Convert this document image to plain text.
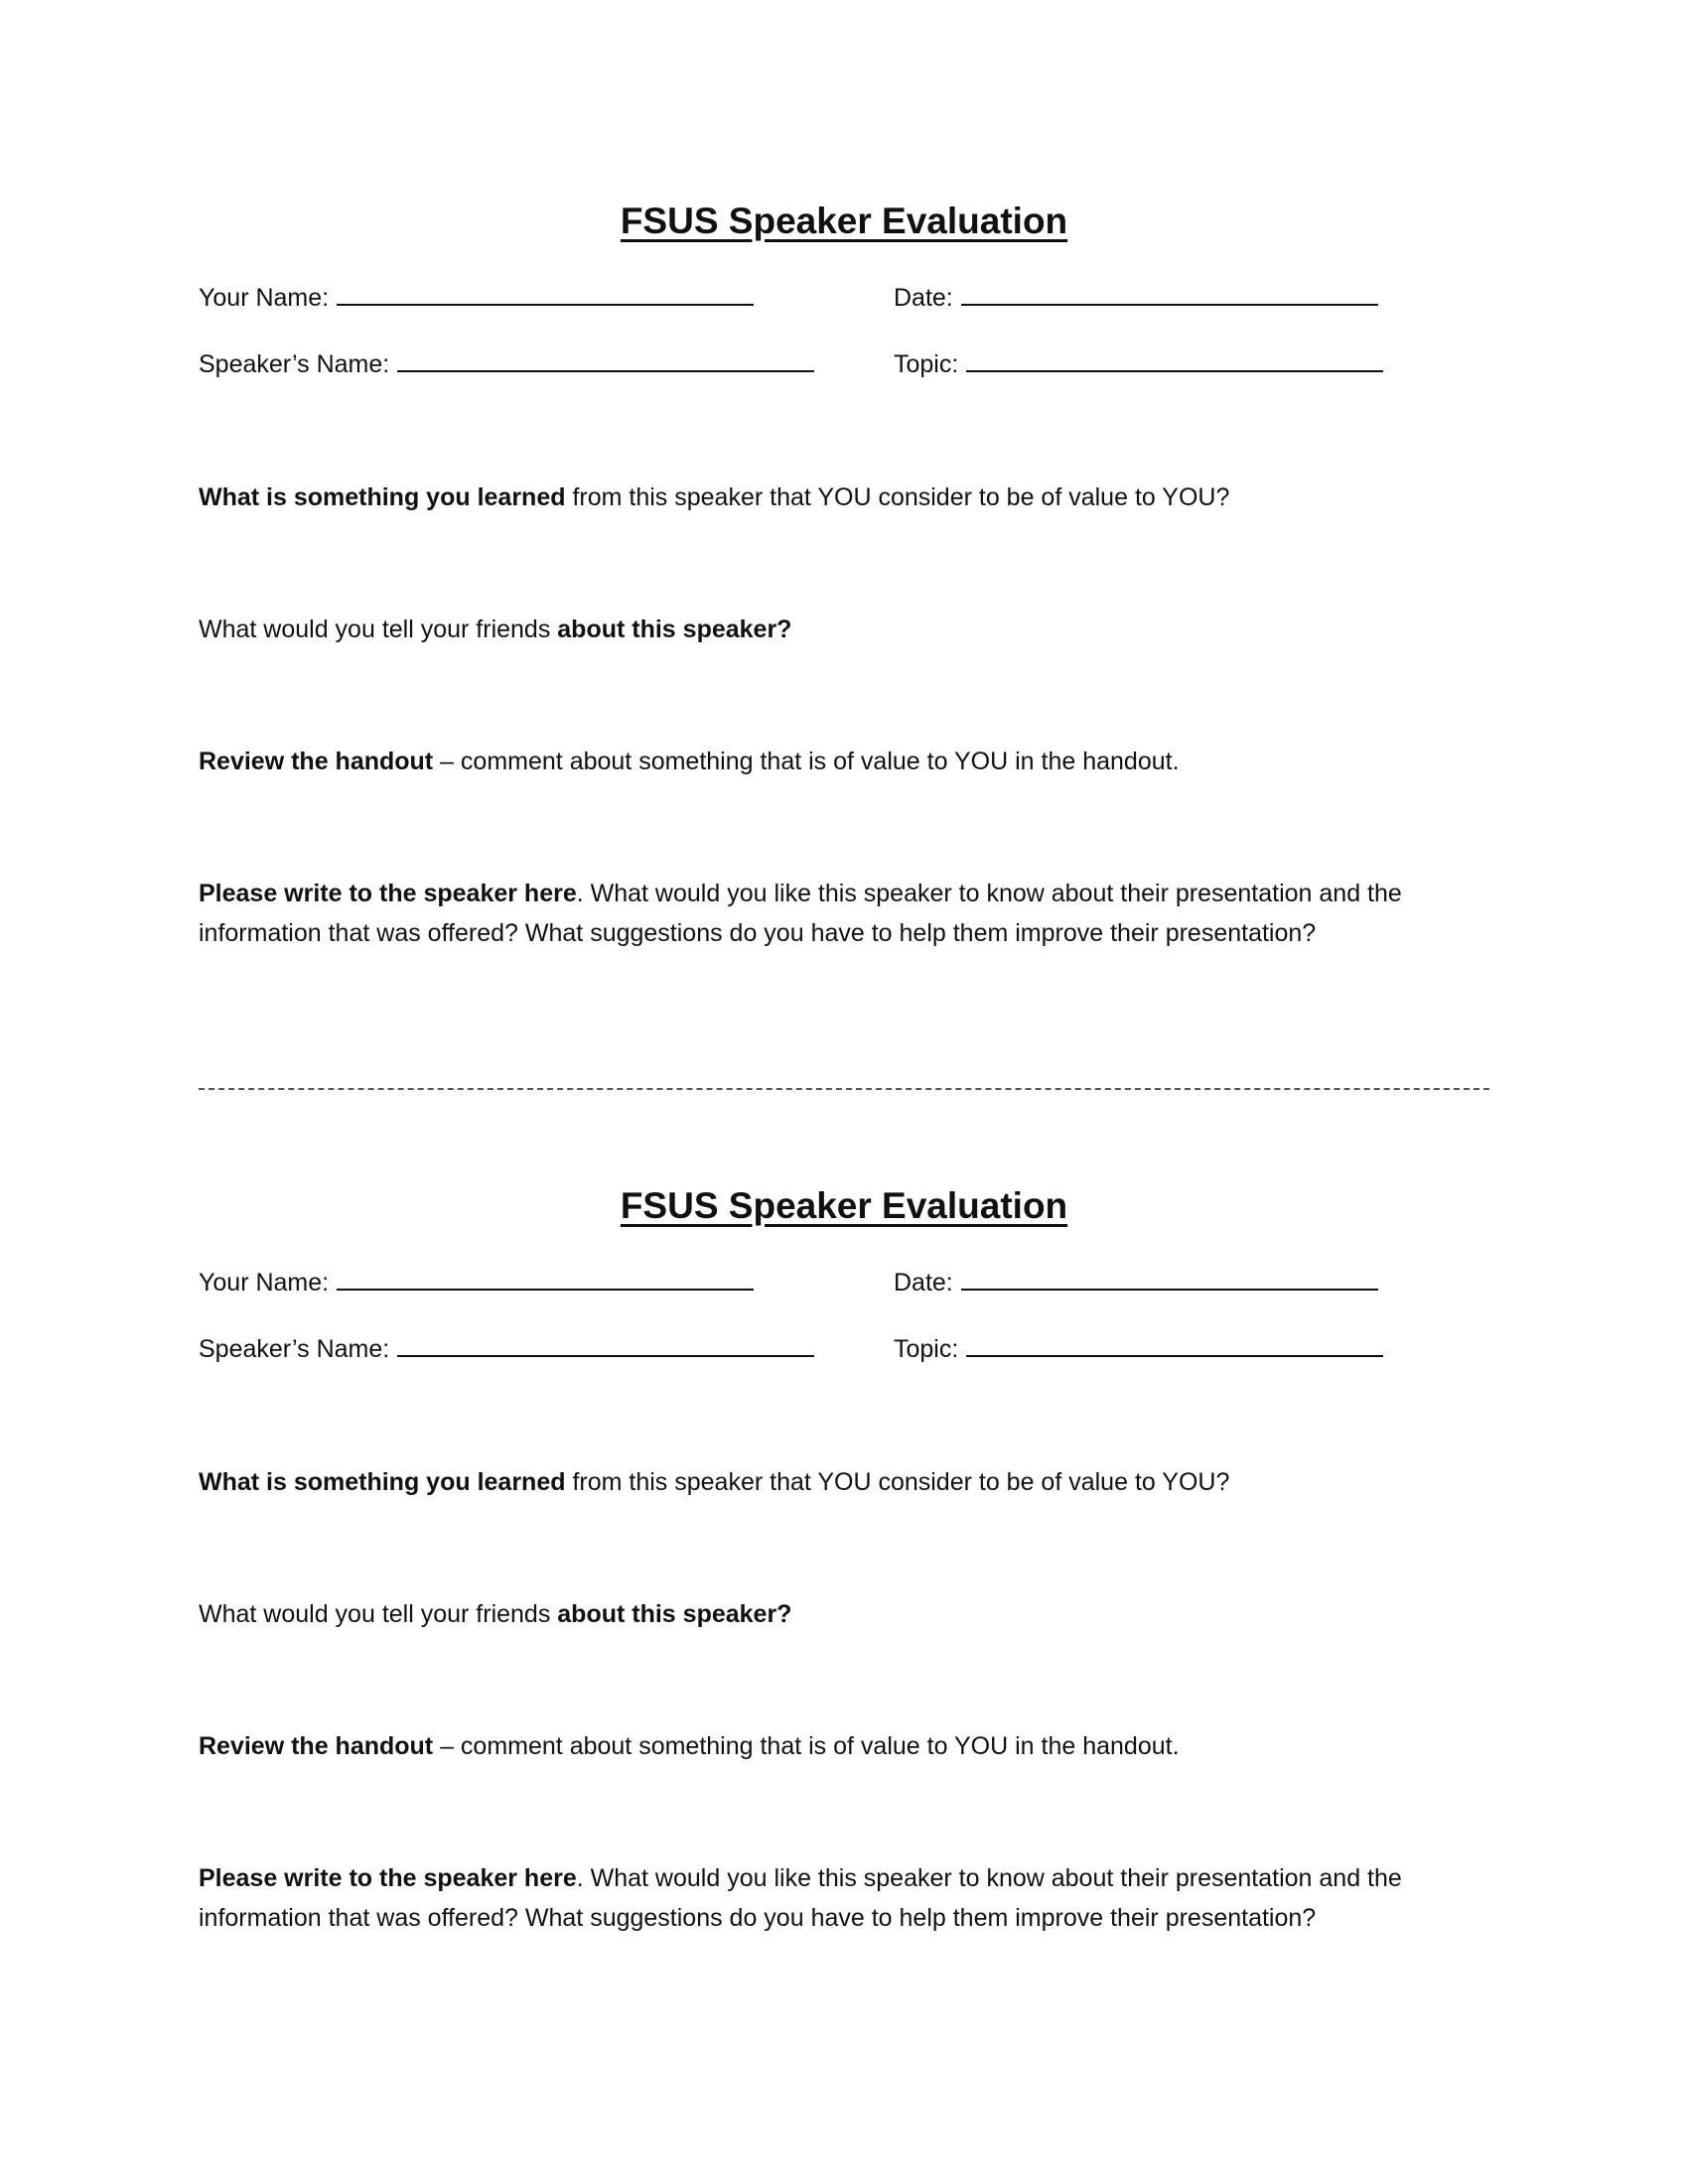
FSUS Speaker Evaluation
Your Name:	Date:
Speaker’s Name:	Topic:
What is something you learned from this speaker that YOU consider to be of value to YOU?
What would you tell your friends about this speaker?
Review the handout – comment about something that is of value to YOU in the handout.
Please write to the speaker here. What would you like this speaker to know about their presentation and the information that was offered? What suggestions do you have to help them improve their presentation?
FSUS Speaker Evaluation
Your Name:	Date:
Speaker’s Name:	Topic:
What is something you learned from this speaker that YOU consider to be of value to YOU?
What would you tell your friends about this speaker?
Review the handout – comment about something that is of value to YOU in the handout.
Please write to the speaker here. What would you like this speaker to know about their presentation and the information that was offered? What suggestions do you have to help them improve their presentation?
